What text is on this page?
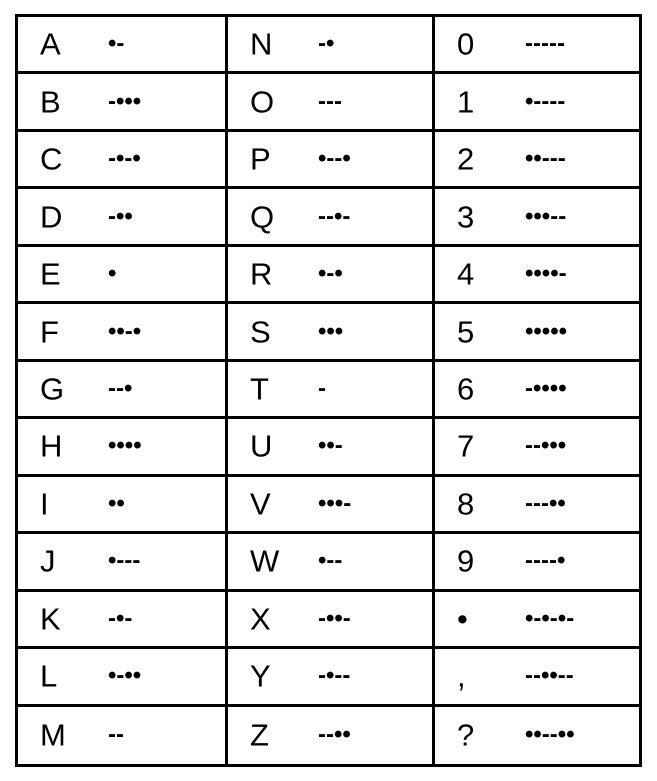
A •-	N -•	0 -----
B -•••	O ---	1 •----
C -•-•	P •--•	2 ••---
D -••	Q --•-	3 •••--
E •	R •-•	4 ••••-
F ••-•	S •••	5 •••••
G --•	T -	6 -••••
H ••••	U ••-	7 --•••
I ••	V •••-	8 ---••
J •---	W •--	9 ----•
K -•-	X -••-	• •-•-•-
L •-••	Y -•--	, --••--
M --	Z --••	? ••--••
